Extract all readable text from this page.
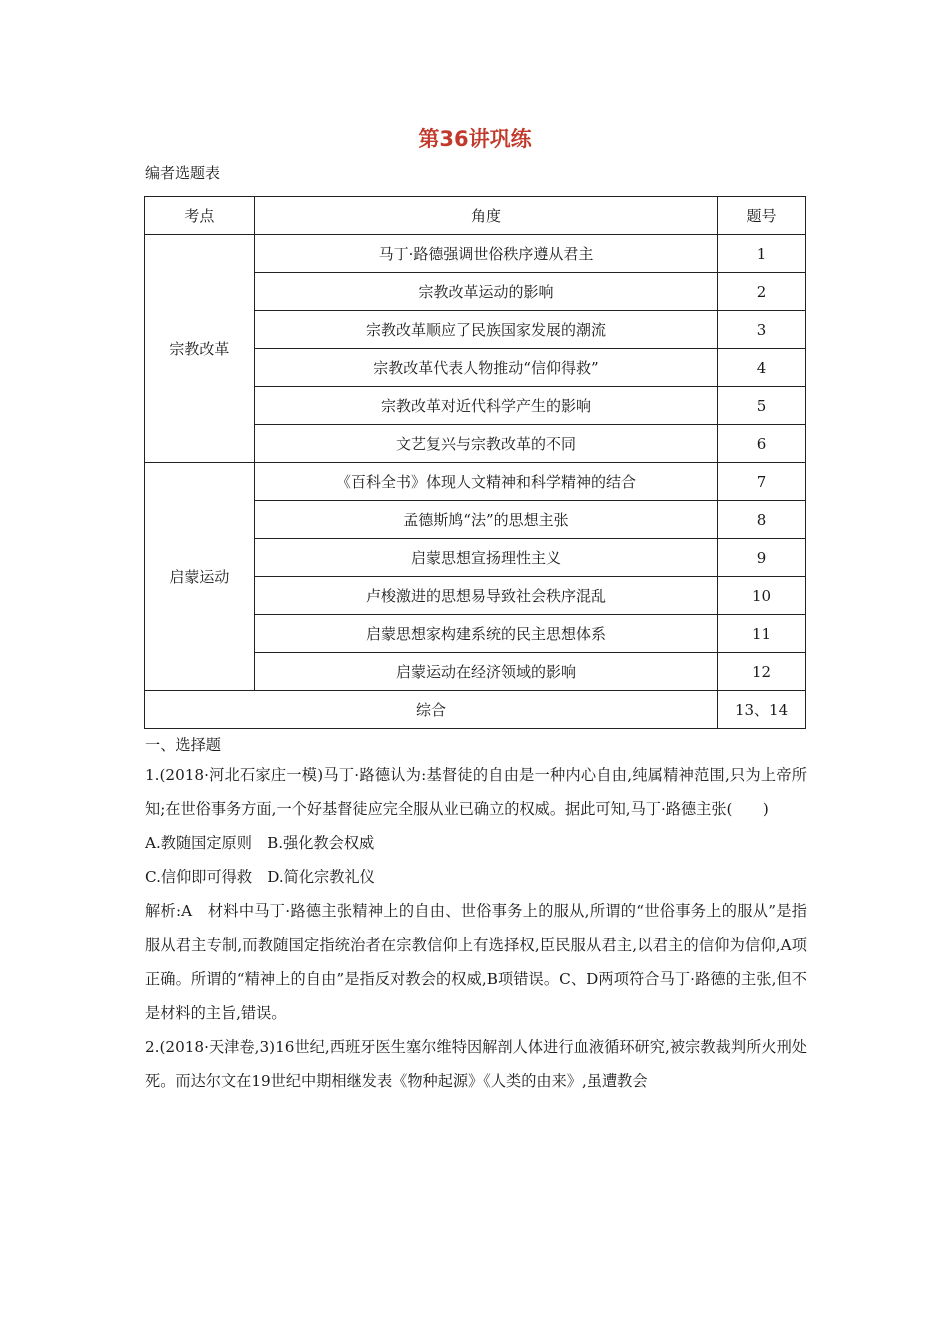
第36讲巩练
编者选题表
考点	角度	题号
宗教改革	马丁·路德强调世俗秩序遵从君主	1
	宗教改革运动的影响	2
	宗教改革顺应了民族国家发展的潮流	3
	宗教改革代表人物推动“信仰得救”	4
	宗教改革对近代科学产生的影响	5
	文艺复兴与宗教改革的不同	6
启蒙运动	《百科全书》体现人文精神和科学精神的结合	7
	孟德斯鸠“法”的思想主张	8
	启蒙思想宣扬理性主义	9
	卢梭激进的思想易导致社会秩序混乱	10
	启蒙思想家构建系统的民主思想体系	11
	启蒙运动在经济领域的影响	12
综合		13、14

一、选择题

1.(2018·河北石家庄一模)马丁·路德认为:基督徒的自由是一种内心自由,纯属精神范围,只为上帝所知;在世俗事务方面,一个好基督徒应完全服从业已确立的权威。据此可知,马丁·路德主张(　　)

A.教随国定原则　B.强化教会权威

C.信仰即可得救　D.简化宗教礼仪

解析:A　材料中马丁·路德主张精神上的自由、世俗事务上的服从,所谓的“世俗事务上的服从”是指服从君主专制,而教随国定指统治者在宗教信仰上有选择权,臣民服从君主,以君主的信仰为信仰,A项正确。所谓的“精神上的自由”是指反对教会的权威,B项错误。C、D两项符合马丁·路德的主张,但不是材料的主旨,错误。

2.(2018·天津卷,3)16世纪,西班牙医生塞尔维特因解剖人体进行血液循环研究,被宗教裁判所火刑处死。而达尔文在19世纪中期相继发表《物种起源》《人类的由来》,虽遭教会
